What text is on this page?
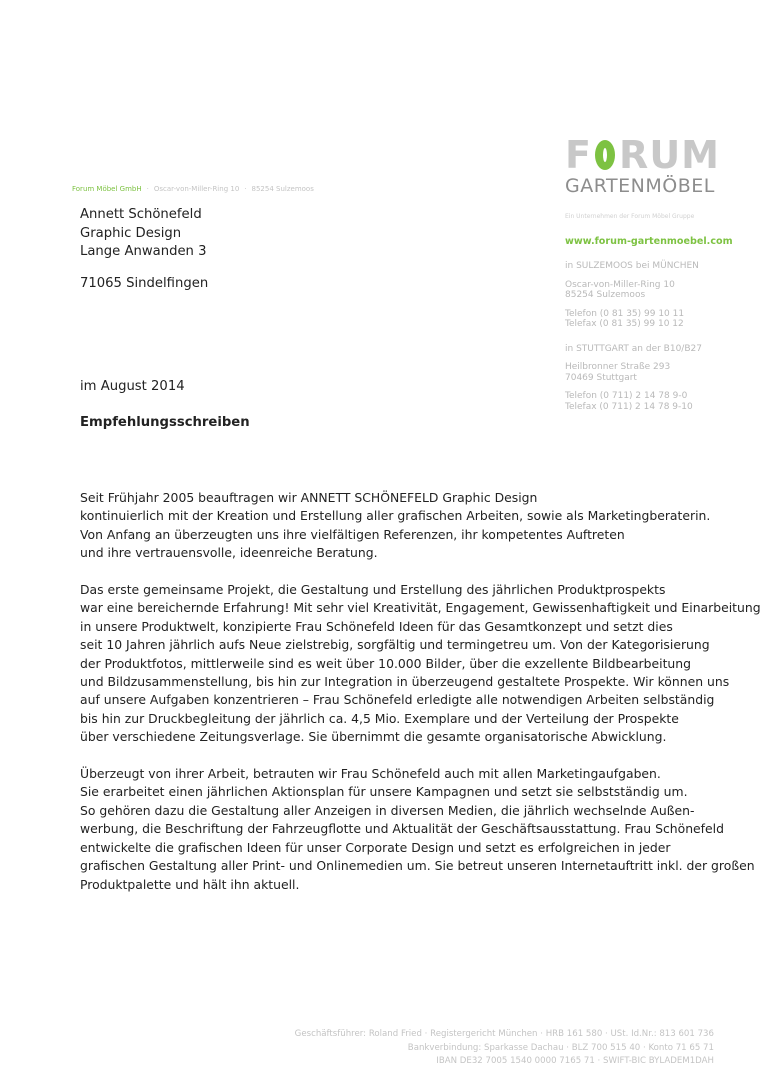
F R U M
GARTENMÖBEL
Forum Möbel GmbH · Oscar-von-Miller-Ring 10 · 85254 Sulzemoos
Annett Schönefeld
Graphic Design
Lange Anwanden 3
71065 Sindelfingen
Ein Unternehmen der Forum Möbel Gruppe
www.forum-gartenmoebel.com
in SULZEMOOS bei MÜNCHEN
Oscar-von-Miller-Ring 10
85254 Sulzemoos
Telefon (0 81 35) 99 10 11
Telefax (0 81 35) 99 10 12
in STUTTGART an der B10/B27
Heilbronner Straße 293
70469 Stuttgart
Telefon (0 711) 2 14 78 9-0
Telefax (0 711) 2 14 78 9-10
im August 2014
Empfehlungsschreiben

Seit Frühjahr 2005 beauftragen wir ANNETT SCHÖNEFELD Graphic Design
kontinuierlich mit der Kreation und Erstellung aller grafischen Arbeiten, sowie als Marketingberaterin.
Von Anfang an überzeugten uns ihre vielfältigen Referenzen, ihr kompetentes Auftreten
und ihre vertrauensvolle, ideenreiche Beratung.

Das erste gemeinsame Projekt, die Gestaltung und Erstellung des jährlichen Produktprospekts
war eine bereichernde Erfahrung! Mit sehr viel Kreativität, Engagement, Gewissenhaftigkeit und Einarbeitung
in unsere Produktwelt, konzipierte Frau Schönefeld Ideen für das Gesamtkonzept und setzt dies
seit 10 Jahren jährlich aufs Neue zielstrebig, sorgfältig und termingetreu um. Von der Kategorisierung
der Produktfotos, mittlerweile sind es weit über 10.000 Bilder, über die exzellente Bildbearbeitung
und Bildzusammenstellung, bis hin zur Integration in überzeugend gestaltete Prospekte. Wir können uns
auf unsere Aufgaben konzentrieren – Frau Schönefeld erledigte alle notwendigen Arbeiten selbständig
bis hin zur Druckbegleitung der jährlich ca. 4,5 Mio. Exemplare und der Verteilung der Prospekte
über verschiedene Zeitungsverlage. Sie übernimmt die gesamte organisatorische Abwicklung.

Überzeugt von ihrer Arbeit, betrauten wir Frau Schönefeld auch mit allen Marketingaufgaben.
Sie erarbeitet einen jährlichen Aktionsplan für unsere Kampagnen und setzt sie selbstständig um.
So gehören dazu die Gestaltung aller Anzeigen in diversen Medien, die jährlich wechselnde Außen-
werbung, die Beschriftung der Fahrzeugflotte und Aktualität der Geschäftsausstattung. Frau Schönefeld
entwickelte die grafischen Ideen für unser Corporate Design und setzt es erfolgreichen in jeder
grafischen Gestaltung aller Print- und Onlinemedien um. Sie betreut unseren Internetauftritt inkl. der großen
Produktpalette und hält ihn aktuell.

Geschäftsführer: Roland Fried · Registergericht München · HRB 161 580 · USt. Id.Nr.: 813 601 736
Bankverbindung: Sparkasse Dachau · BLZ 700 515 40 · Konto 71 65 71
IBAN DE32 7005 1540 0000 7165 71 · SWIFT-BIC BYLADEM1DAH
